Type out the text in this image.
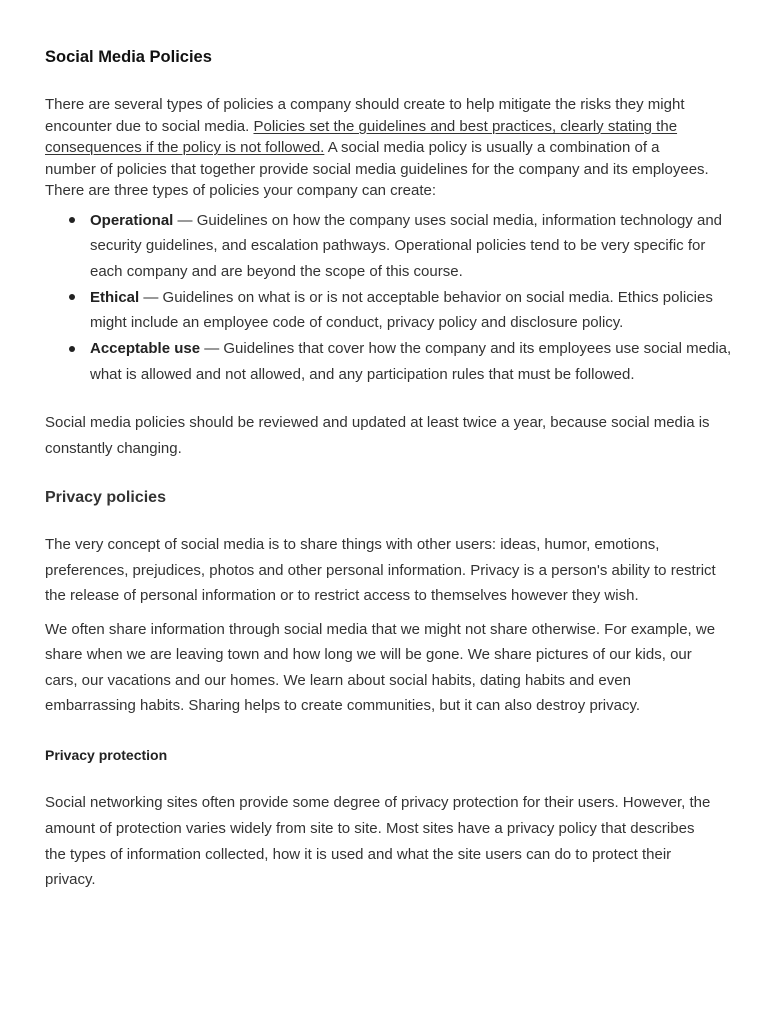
Social Media Policies

There are several types of policies a company should create to help mitigate the risks they might
encounter due to social media. Policies set the guidelines and best practices, clearly stating the
consequences if the policy is not followed. A social media policy is usually a combination of a
number of policies that together provide social media guidelines for the company and its employees.
There are three types of policies your company can create:

Operational — Guidelines on how the company uses social media, information technology and
security guidelines, and escalation pathways. Operational policies tend to be very specific for
each company and are beyond the scope of this course.
Ethical — Guidelines on what is or is not acceptable behavior on social media. Ethics policies
might include an employee code of conduct, privacy policy and disclosure policy.
Acceptable use — Guidelines that cover how the company and its employees use social media,
what is allowed and not allowed, and any participation rules that must be followed.

Social media policies should be reviewed and updated at least twice a year, because social media is
constantly changing.

Privacy policies

The very concept of social media is to share things with other users: ideas, humor, emotions,
preferences, prejudices, photos and other personal information. Privacy is a person's ability to restrict
the release of personal information or to restrict access to themselves however they wish.

We often share information through social media that we might not share otherwise. For example, we
share when we are leaving town and how long we will be gone. We share pictures of our kids, our
cars, our vacations and our homes. We learn about social habits, dating habits and even
embarrassing habits. Sharing helps to create communities, but it can also destroy privacy.

Privacy protection

Social networking sites often provide some degree of privacy protection for their users. However, the
amount of protection varies widely from site to site. Most sites have a privacy policy that describes
the types of information collected, how it is used and what the site users can do to protect their
privacy.
